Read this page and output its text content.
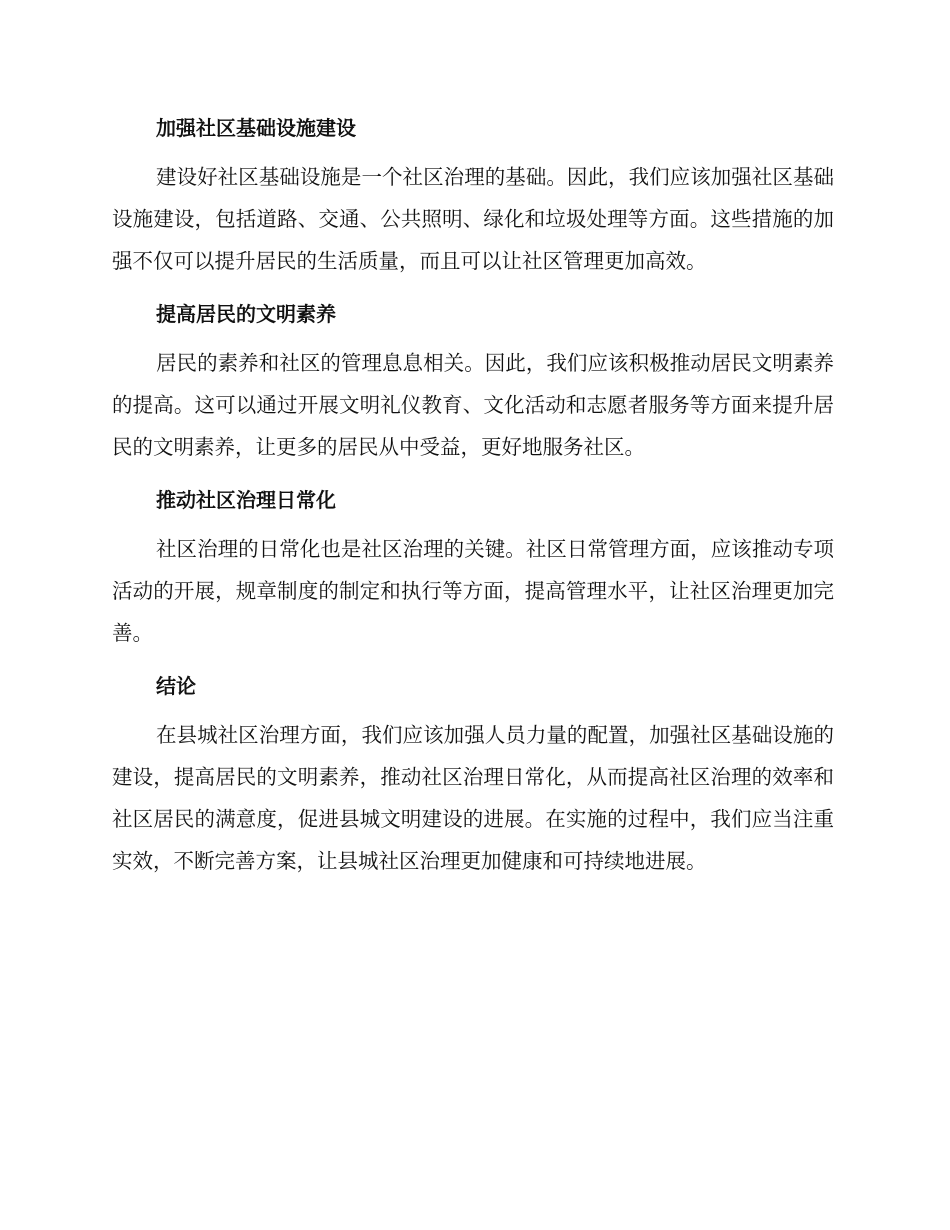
加强社区基础设施建设

建设好社区基础设施是一个社区治理的基础。因此，我们应该加强社区基础设施建设，包括道路、交通、公共照明、绿化和垃圾处理等方面。这些措施的加强不仅可以提升居民的生活质量，而且可以让社区管理更加高效。

提高居民的文明素养

居民的素养和社区的管理息息相关。因此，我们应该积极推动居民文明素养的提高。这可以通过开展文明礼仪教育、文化活动和志愿者服务等方面来提升居民的文明素养，让更多的居民从中受益，更好地服务社区。

推动社区治理日常化

社区治理的日常化也是社区治理的关键。社区日常管理方面，应该推动专项活动的开展，规章制度的制定和执行等方面，提高管理水平，让社区治理更加完善。

结论

在县城社区治理方面，我们应该加强人员力量的配置，加强社区基础设施的建设，提高居民的文明素养，推动社区治理日常化，从而提高社区治理的效率和社区居民的满意度，促进县城文明建设的进展。在实施的过程中，我们应当注重实效，不断完善方案，让县城社区治理更加健康和可持续地进展。
